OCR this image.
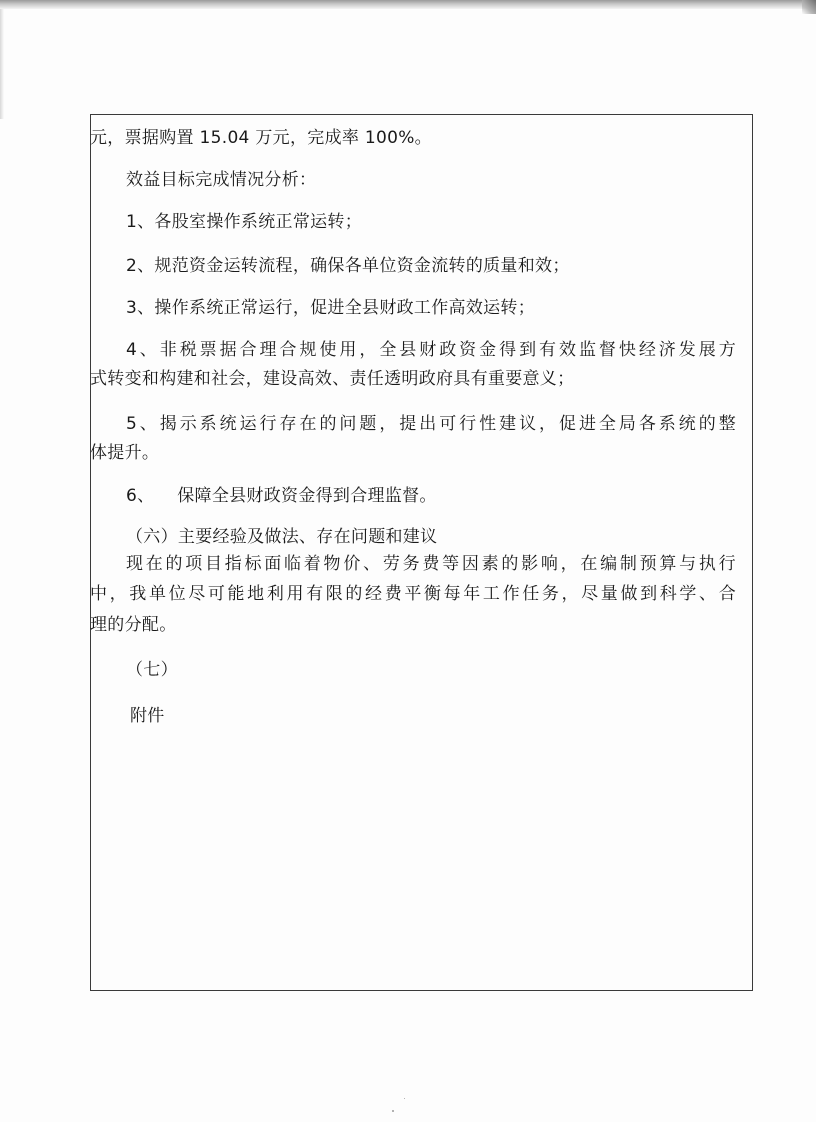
元，票据购置 15.04 万元，完成率 100%。
效益目标完成情况分析：
1、各股室操作系统正常运转；
2、规范资金运转流程，确保各单位资金流转的质量和效；
3、操作系统正常运行，促进全县财政工作高效运转；
4、非税票据合理合规使用，全县财政资金得到有效监督快经济发展方
式转变和构建和社会，建设高效、责任透明政府具有重要意义；
5、揭示系统运行存在的问题，提出可行性建议，促进全局各系统的整
体提升。
6、    保障全县财政资金得到合理监督。
（六）主要经验及做法、存在问题和建议
现在的项目指标面临着物价、劳务费等因素的影响，在编制预算与执行
中，我单位尽可能地利用有限的经费平衡每年工作任务，尽量做到科学、合
理的分配。
（七）
附件
